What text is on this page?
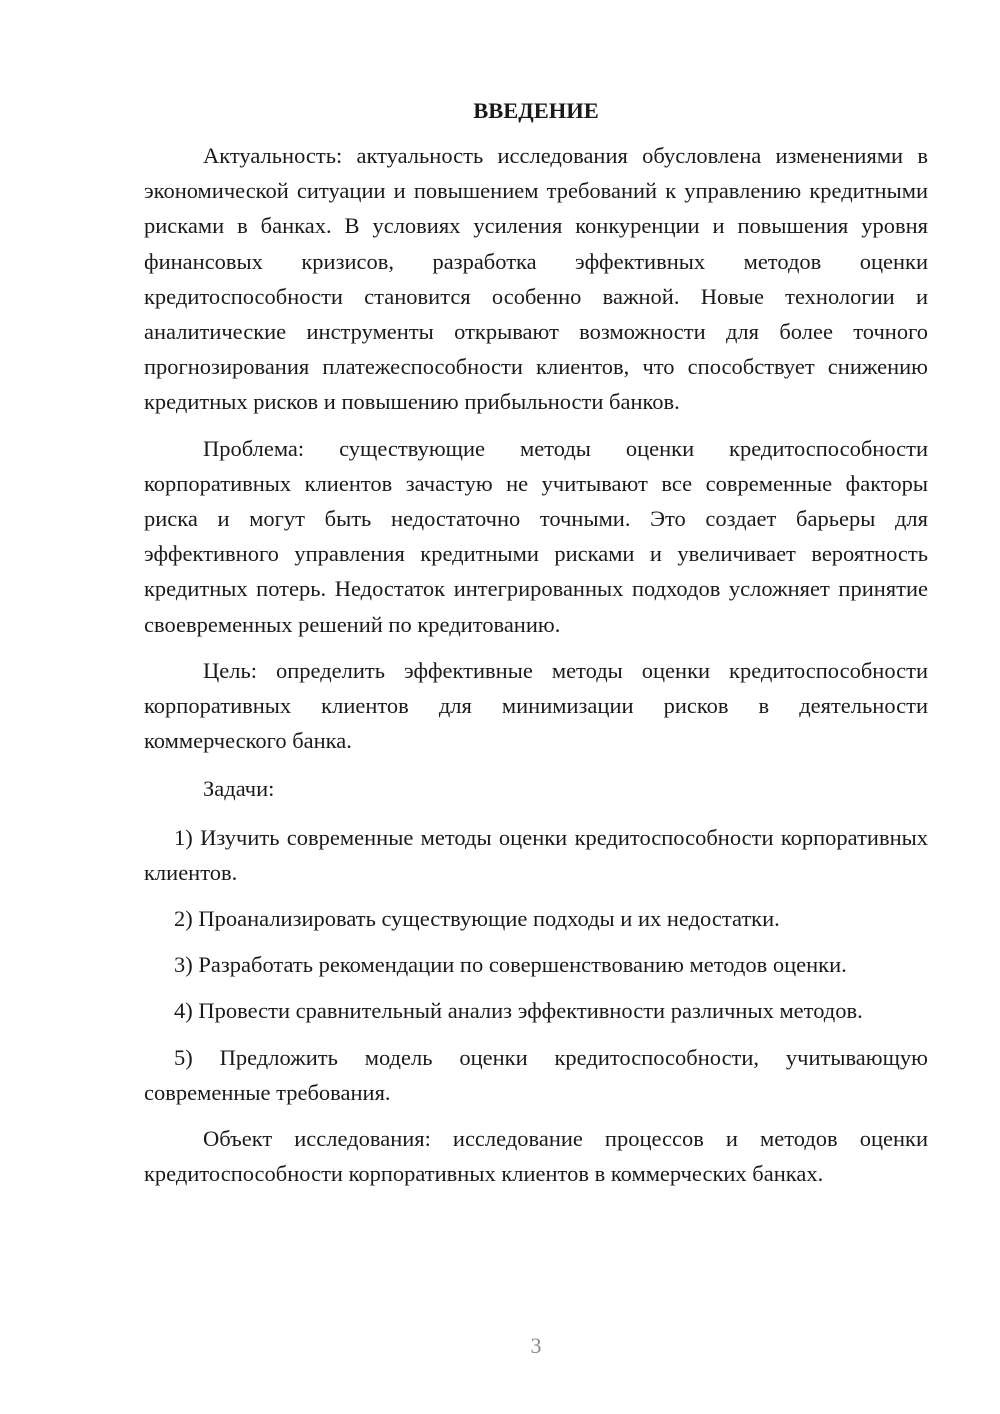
ВВЕДЕНИЕ

Актуальность: актуальность исследования обусловлена изменениями в экономической ситуации и повышением требований к управлению кредитными рисками в банках. В условиях усиления конкуренции и повышения уровня финансовых кризисов, разработка эффективных методов оценки кредитоспособности становится особенно важной. Новые технологии и аналитические инструменты открывают возможности для более точного прогнозирования платежеспособности клиентов, что способствует снижению кредитных рисков и повышению прибыльности банков.

Проблема: существующие методы оценки кредитоспособности корпоративных клиентов зачастую не учитывают все современные факторы риска и могут быть недостаточно точными. Это создает барьеры для эффективного управления кредитными рисками и увеличивает вероятность кредитных потерь. Недостаток интегрированных подходов усложняет принятие своевременных решений по кредитованию.

Цель: определить эффективные методы оценки кредитоспособности корпоративных клиентов для минимизации рисков в деятельности коммерческого банка.

Задачи:

1) Изучить современные методы оценки кредитоспособности корпоративных клиентов.

2) Проанализировать существующие подходы и их недостатки.

3) Разработать рекомендации по совершенствованию методов оценки.

4) Провести сравнительный анализ эффективности различных методов.

5) Предложить модель оценки кредитоспособности, учитывающую современные требования.

Объект исследования: исследование процессов и методов оценки кредитоспособности корпоративных клиентов в коммерческих банках.

3
